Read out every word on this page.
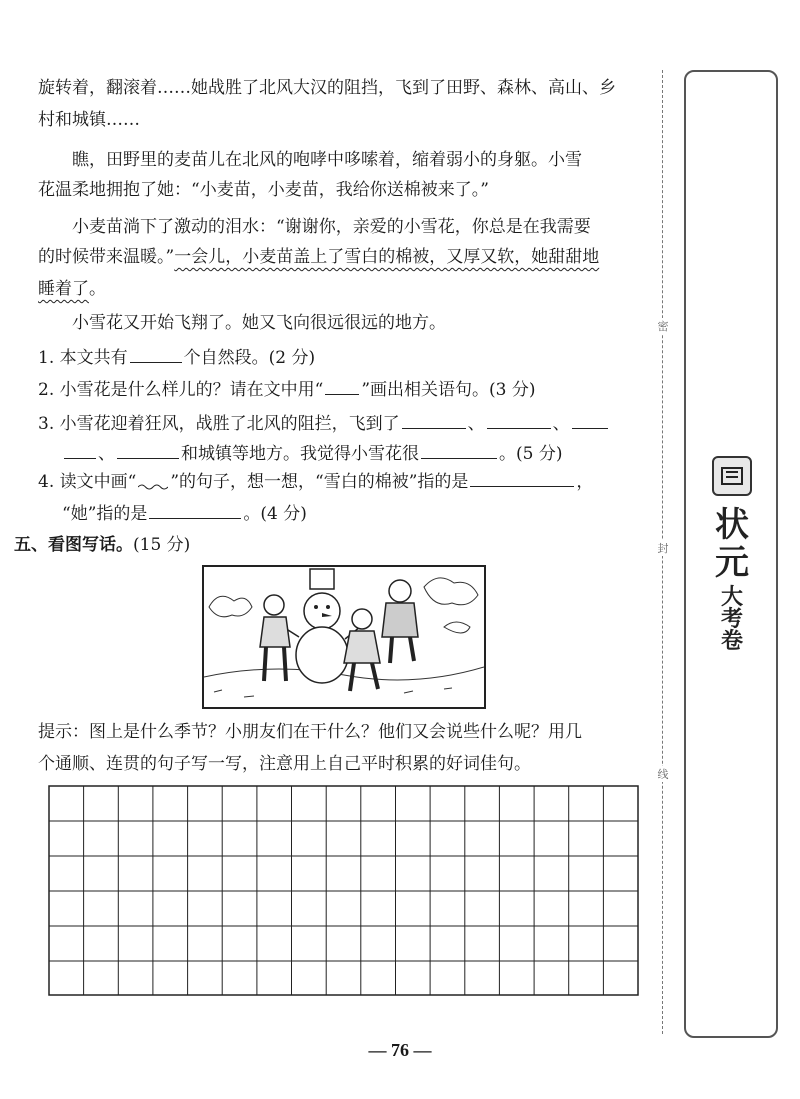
旋转着，翻滚着……她战胜了北风大汉的阻挡，飞到了田野、森林、高山、乡
村和城镇……
瞧，田野里的麦苗儿在北风的咆哮中哆嗦着，缩着弱小的身躯。小雪
花温柔地拥抱了她：“小麦苗，小麦苗，我给你送棉被来了。”
小麦苗淌下了激动的泪水：“谢谢你，亲爱的小雪花，你总是在我需要
的时候带来温暖。”一会儿，小麦苗盖上了雪白的棉被，又厚又软，她甜甜地
睡着了。
小雪花又开始飞翔了。她又飞向很远很远的地方。
1. 本文共有	个自然段。(2 分)
2. 小雪花是什么样儿的？请在文中用“ ”画出相关语句。(3 分)
3. 小雪花迎着狂风，战胜了北风的阻拦，飞到了	、	、
、	和城镇等地方。我觉得小雪花很	。(5 分)
4. 读文中画“ ”的句子，想一想，“雪白的棉被”指的是	，
“她”指的是	。(4 分)
五、看图写话。(15 分)
提示：图上是什么季节？小朋友们在干什么？他们又会说些什么呢？用几
个通顺、连贯的句子写一写，注意用上自己平时积累的好词佳句。
密
封
线
状
元
大
考
卷
— 76 —
